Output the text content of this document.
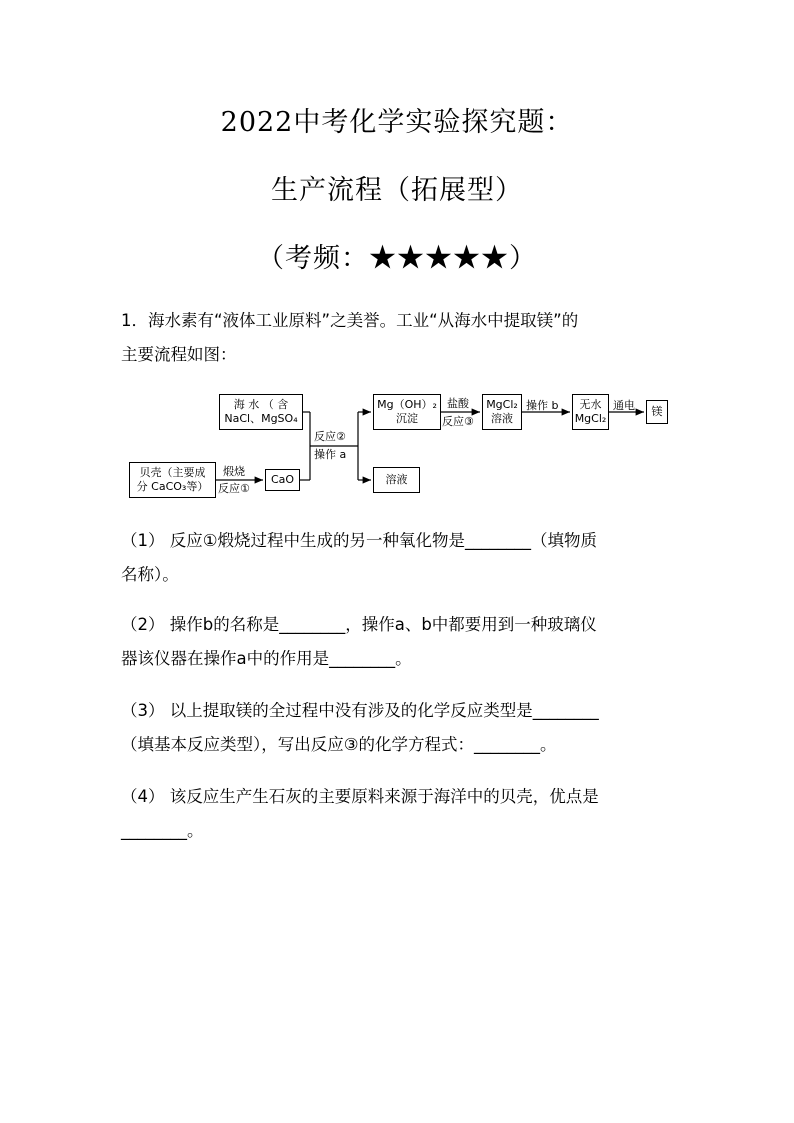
2022中考化学实验探究题：
生产流程（拓展型）
（考频：★★★★★）
1．海水素有“液体工业原料”之美誉。工业“从海水中提取镁”的
主要流程如图：
海 水 （ 含
NaCl、MgSO₄
贝壳（主要成
分 CaCO₃等）
煅烧
反应①
CaO
反应②
操作 a
Mg（OH）₂
沉淀
溶液
盐酸
反应③
MgCl₂
溶液
操作 b 无水
MgCl₂
通电 镁
（1） 反应①煅烧过程中生成的另一种氧化物是________（填物质
名称）。
（2） 操作b的名称是________，操作a、b中都要用到一种玻璃仪
器该仪器在操作a中的作用是________。
（3） 以上提取镁的全过程中没有涉及的化学反应类型是________
（填基本反应类型），写出反应③的化学方程式：________。
（4） 该反应生产生石灰的主要原料来源于海洋中的贝壳，优点是
________。
